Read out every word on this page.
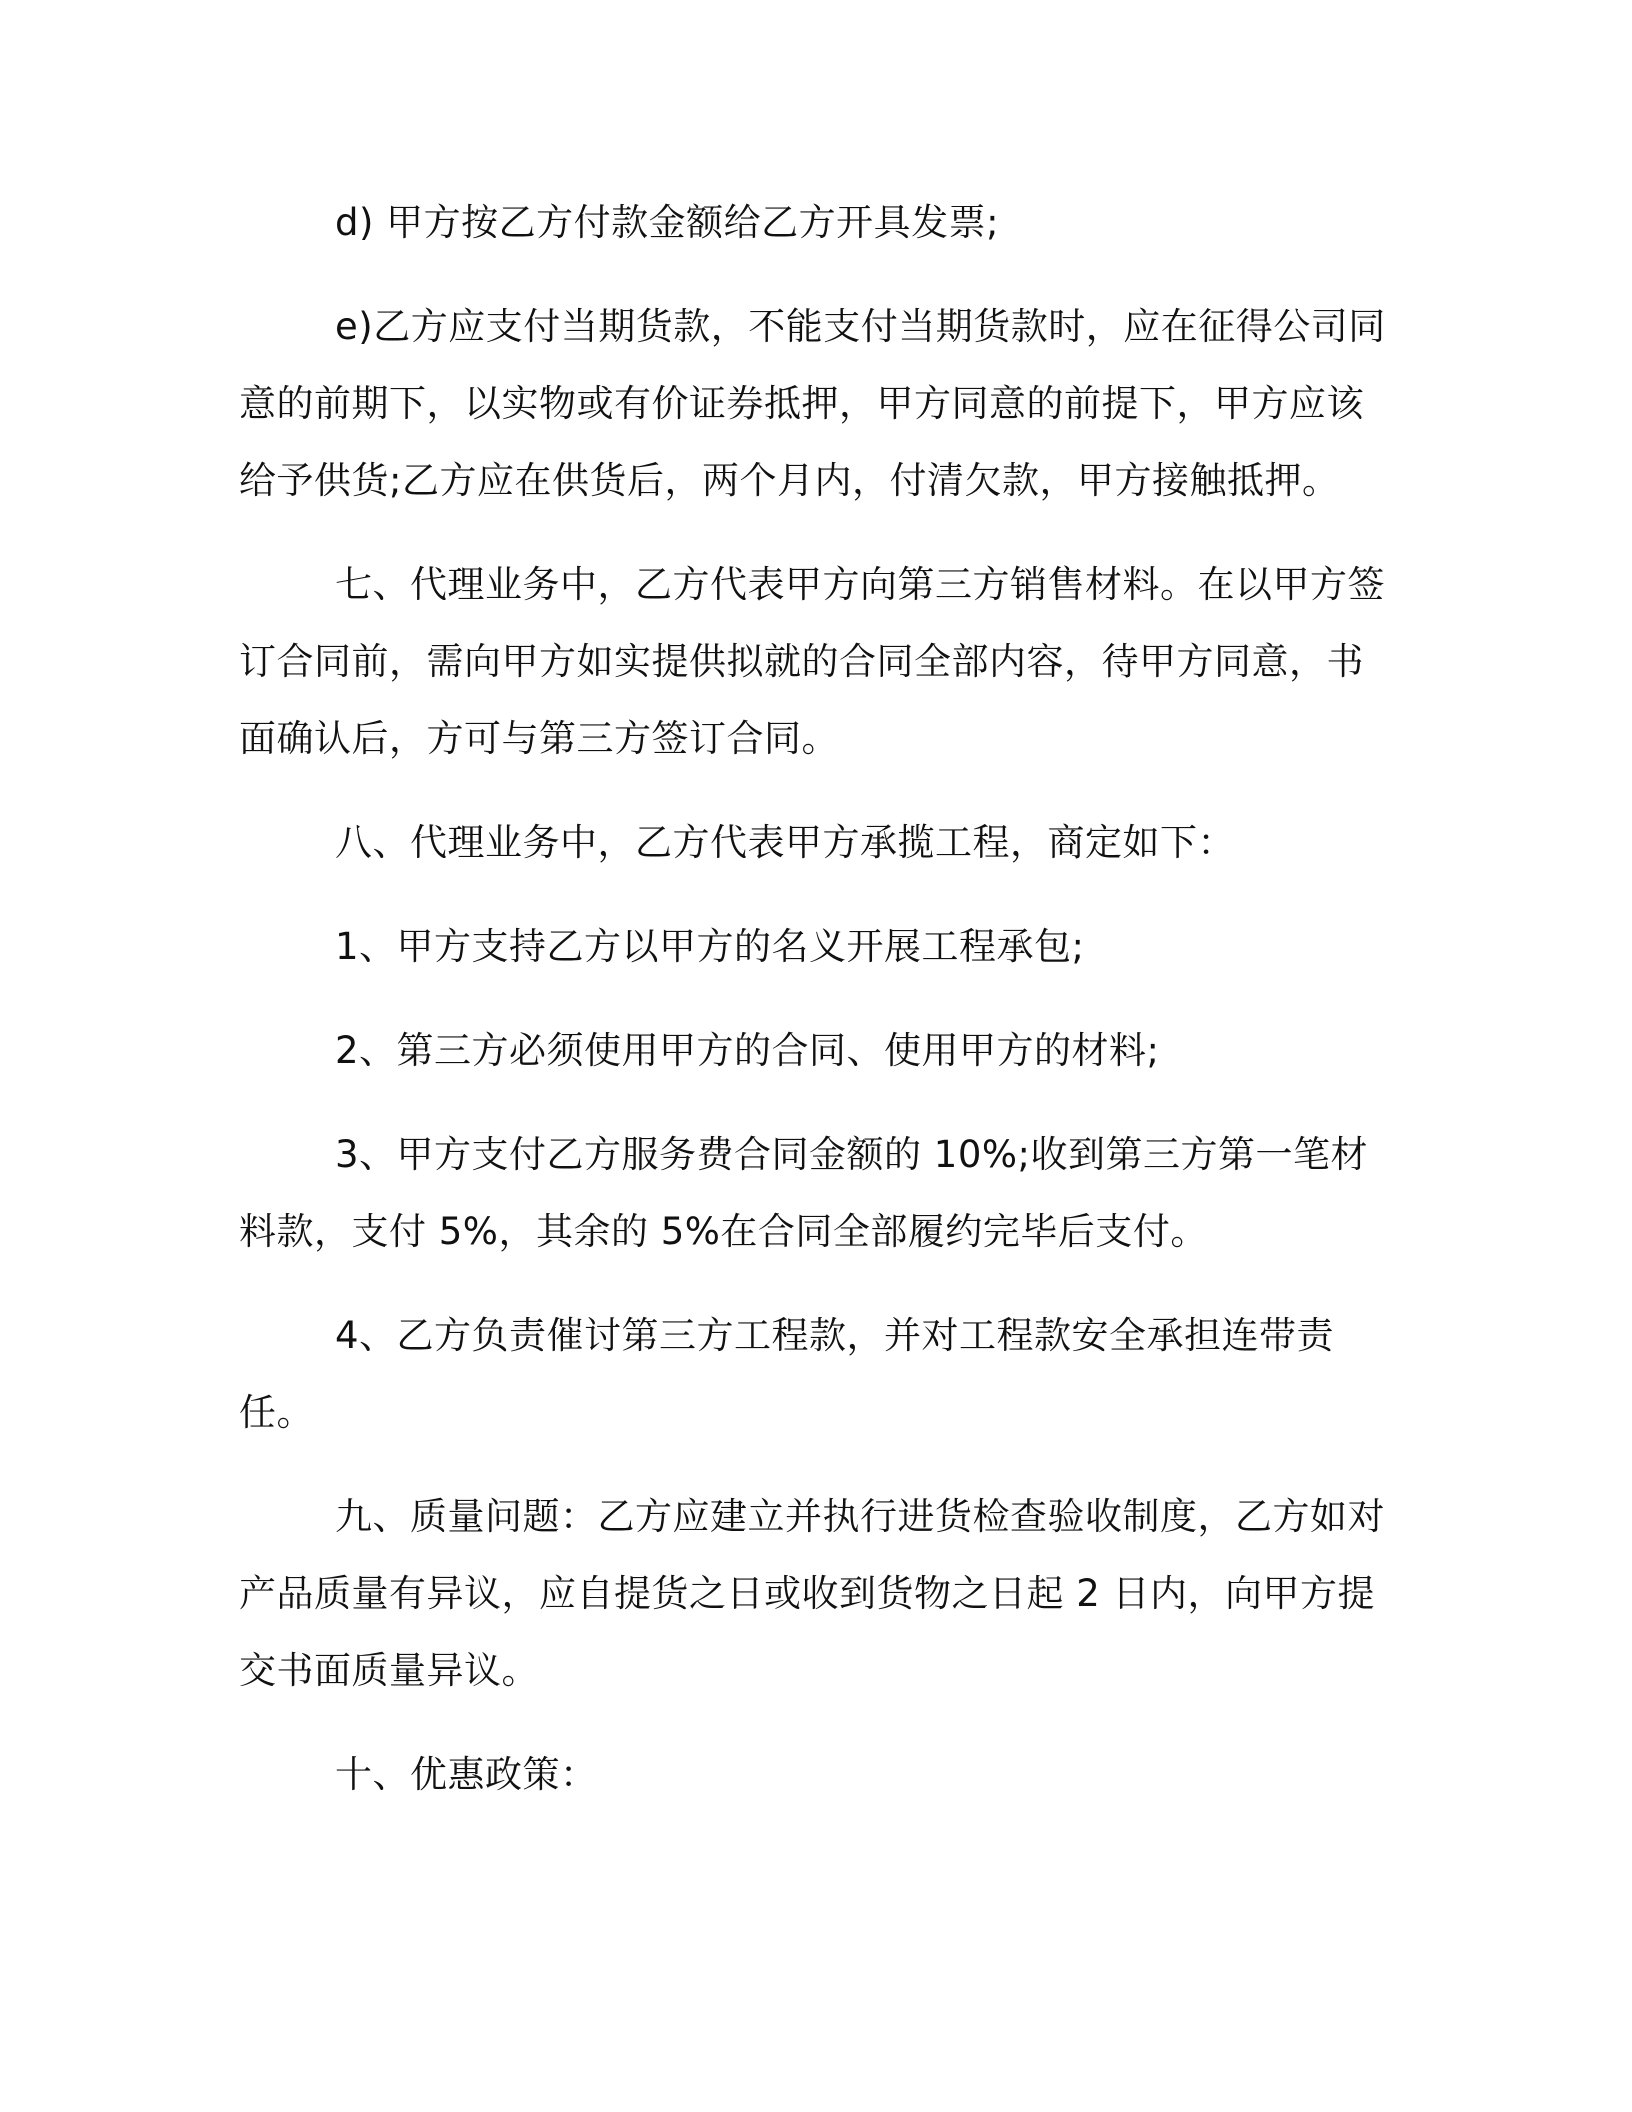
d) 甲方按乙方付款金额给乙方开具发票;

e)乙方应支付当期货款，不能支付当期货款时，应在征得公司同意的前期下，以实物或有价证券抵押，甲方同意的前提下，甲方应该给予供货;乙方应在供货后，两个月内，付清欠款，甲方接触抵押。

七、代理业务中，乙方代表甲方向第三方销售材料。在以甲方签订合同前，需向甲方如实提供拟就的合同全部内容，待甲方同意，书面确认后，方可与第三方签订合同。

八、代理业务中，乙方代表甲方承揽工程，商定如下：

1、甲方支持乙方以甲方的名义开展工程承包;

2、第三方必须使用甲方的合同、使用甲方的材料;

3、甲方支付乙方服务费合同金额的 10%;收到第三方第一笔材料款，支付 5%，其余的 5%在合同全部履约完毕后支付。

4、乙方负责催讨第三方工程款，并对工程款安全承担连带责任。

九、质量问题：乙方应建立并执行进货检查验收制度，乙方如对产品质量有异议，应自提货之日或收到货物之日起 2 日内，向甲方提交书面质量异议。

十、优惠政策：
